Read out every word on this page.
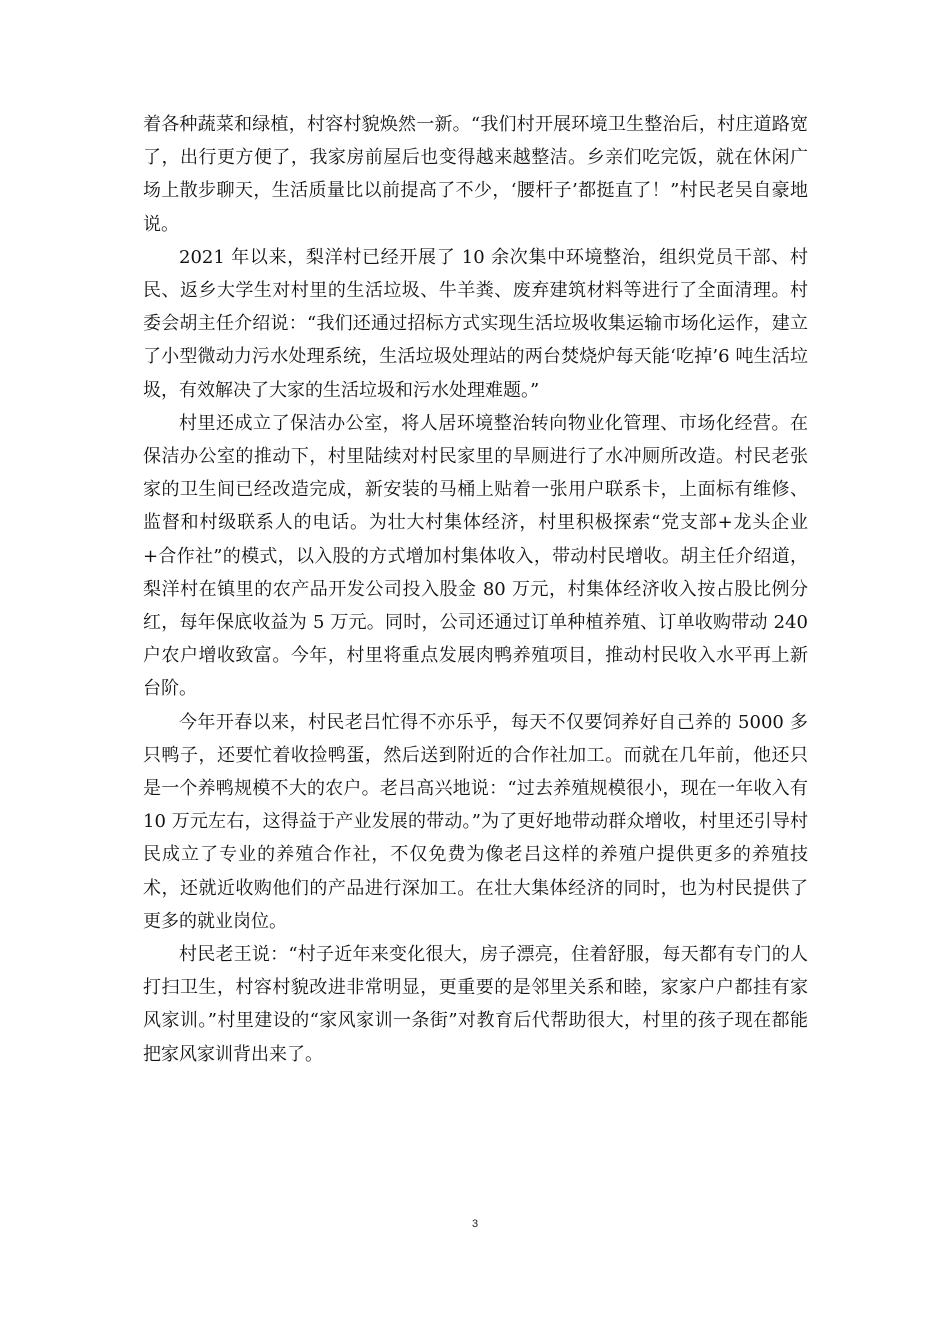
着各种蔬菜和绿植，村容村貌焕然一新。“我们村开展环境卫生整治后，村庄道路宽了，出行更方便了，我家房前屋后也变得越来越整洁。乡亲们吃完饭，就在休闲广场上散步聊天，生活质量比以前提高了不少，‘腰杆子’都挺直了！”村民老吴自豪地说。

2021 年以来，梨洋村已经开展了 10 余次集中环境整治，组织党员干部、村民、返乡大学生对村里的生活垃圾、牛羊粪、废弃建筑材料等进行了全面清理。村委会胡主任介绍说：“我们还通过招标方式实现生活垃圾收集运输市场化运作，建立了小型微动力污水处理系统，生活垃圾处理站的两台焚烧炉每天能‘吃掉’6 吨生活垃圾，有效解决了大家的生活垃圾和污水处理难题。”

村里还成立了保洁办公室，将人居环境整治转向物业化管理、市场化经营。在保洁办公室的推动下，村里陆续对村民家里的旱厕进行了水冲厕所改造。村民老张家的卫生间已经改造完成，新安装的马桶上贴着一张用户联系卡，上面标有维修、监督和村级联系人的电话。为壮大村集体经济，村里积极探索“党支部+龙头企业+合作社”的模式，以入股的方式增加村集体收入，带动村民增收。胡主任介绍道，梨洋村在镇里的农产品开发公司投入股金 80 万元，村集体经济收入按占股比例分红，每年保底收益为 5 万元。同时，公司还通过订单种植养殖、订单收购带动 240 户农户增收致富。今年，村里将重点发展肉鸭养殖项目，推动村民收入水平再上新台阶。

今年开春以来，村民老吕忙得不亦乐乎，每天不仅要饲养好自己养的 5000 多只鸭子，还要忙着收捡鸭蛋，然后送到附近的合作社加工。而就在几年前，他还只是一个养鸭规模不大的农户。老吕高兴地说：“过去养殖规模很小，现在一年收入有 10 万元左右，这得益于产业发展的带动。”为了更好地带动群众增收，村里还引导村民成立了专业的养殖合作社，不仅免费为像老吕这样的养殖户提供更多的养殖技术，还就近收购他们的产品进行深加工。在壮大集体经济的同时，也为村民提供了更多的就业岗位。

村民老王说：“村子近年来变化很大，房子漂亮，住着舒服，每天都有专门的人打扫卫生，村容村貌改进非常明显，更重要的是邻里关系和睦，家家户户都挂有家风家训。”村里建设的“家风家训一条街”对教育后代帮助很大，村里的孩子现在都能把家风家训背出来了。

3
